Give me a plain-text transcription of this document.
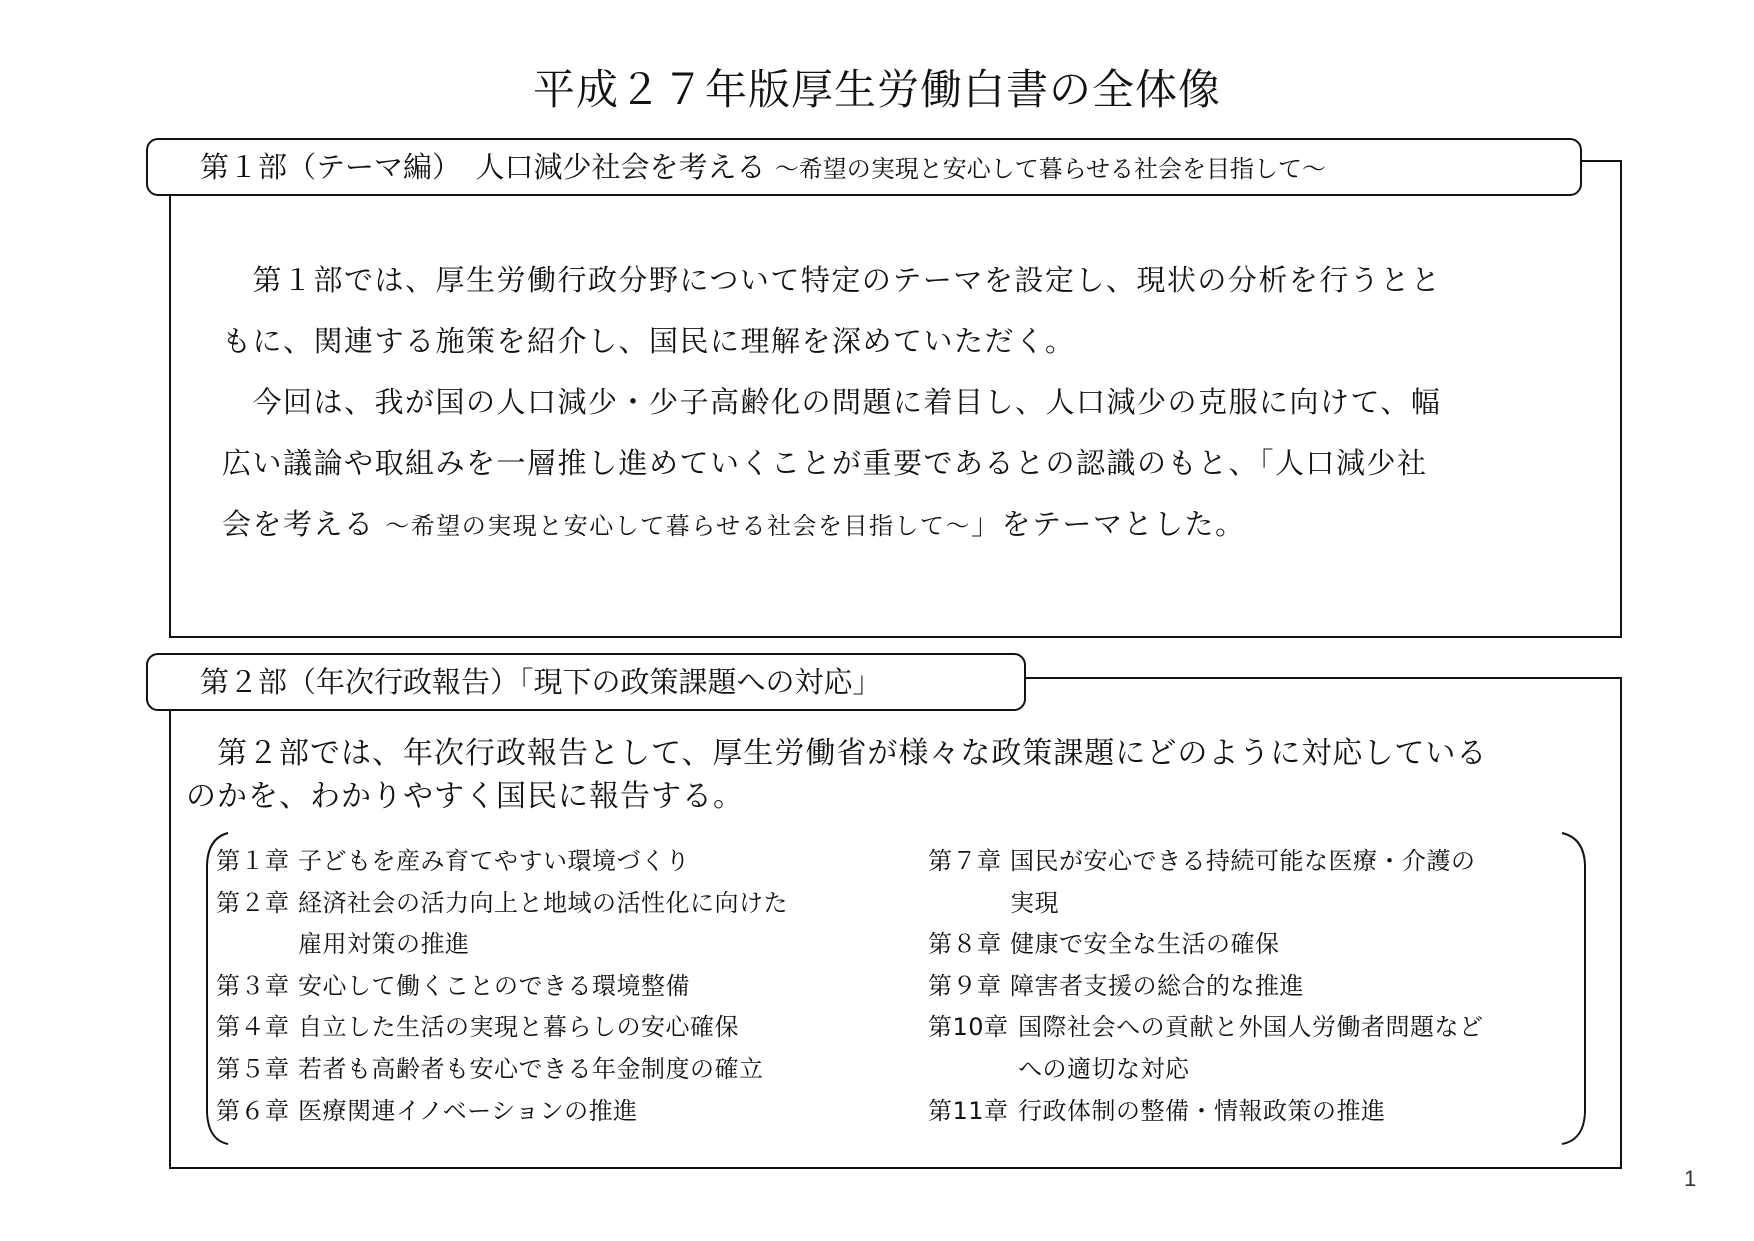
平成２７年版厚生労働白書の全体像
第１部（テーマ編）　人口減少社会を考える ～希望の実現と安心して暮らせる社会を目指して～
　第１部では、厚生労働行政分野について特定のテーマを設定し、現状の分析を行うとと
もに、関連する施策を紹介し、国民に理解を深めていただく。
　今回は、我が国の人口減少・少子高齢化の問題に着目し、人口減少の克服に向けて、幅
広い議論や取組みを一層推し進めていくことが重要であるとの認識のもと、「人口減少社
会を考える ～希望の実現と安心して暮らせる社会を目指して～」をテーマとした。
第２部（年次行政報告）「現下の政策課題への対応」
　第２部では、年次行政報告として、厚生労働省が様々な政策課題にどのように対応している
のかを、わかりやすく国民に報告する。
第１章 子どもを産み育てやすい環境づくり
第２章 経済社会の活力向上と地域の活性化に向けた
雇用対策の推進
第３章 安心して働くことのできる環境整備
第４章 自立した生活の実現と暮らしの安心確保
第５章 若者も高齢者も安心できる年金制度の確立
第６章 医療関連イノベーションの推進
第７章 国民が安心できる持続可能な医療・介護の
実現
第８章 健康で安全な生活の確保
第９章 障害者支援の総合的な推進
第10章 国際社会への貢献と外国人労働者問題など
への適切な対応
第11章 行政体制の整備・情報政策の推進
1
